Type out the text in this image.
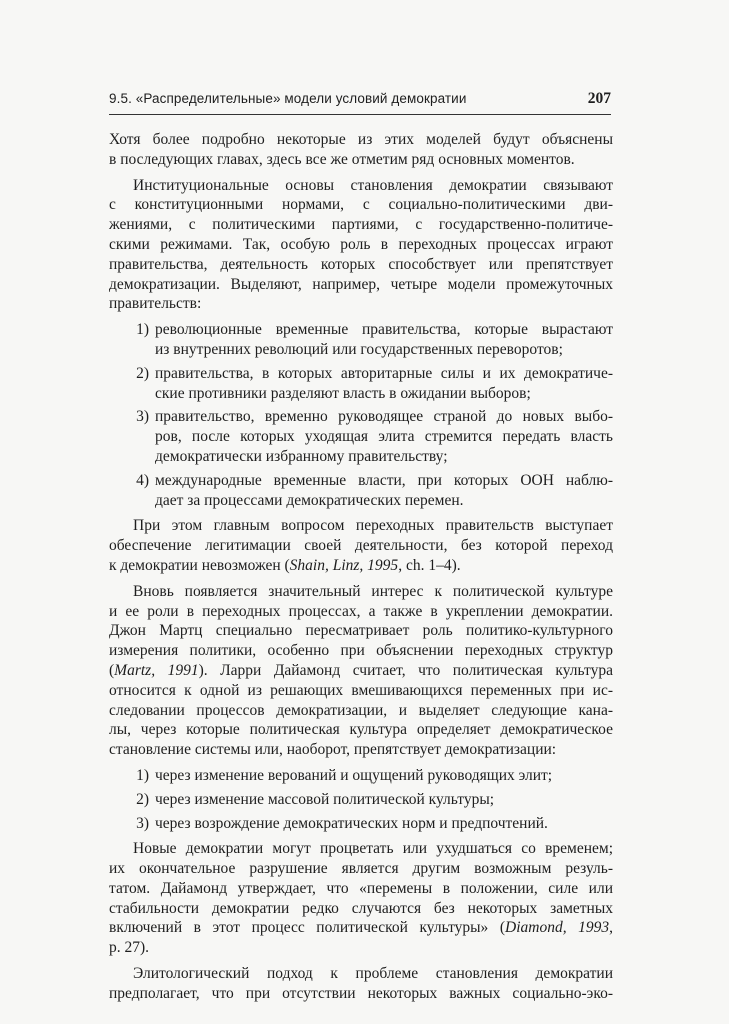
9.5. «Распределительные» модели условий демократии	207
Хотя более подробно некоторые из этих моделей будут объяснены
в последующих главах, здесь все же отметим ряд основных моментов.
Институциональные основы становления демократии связывают
с конституционными нормами, с социально-политическими дви-
жениями, с политическими партиями, с государственно-политиче-
скими режимами. Так, особую роль в переходных процессах играют
правительства, деятельность которых способствует или препятствует
демократизации. Выделяют, например, четыре модели промежуточных
правительств:
1) революционные временные правительства, которые вырастают
из внутренних революций или государственных переворотов;
2) правительства, в которых авторитарные силы и их демократиче-
ские противники разделяют власть в ожидании выборов;
3) правительство, временно руководящее страной до новых выбо-
ров, после которых уходящая элита стремится передать власть
демократически избранному правительству;
4) международные временные власти, при которых ООН наблю-
дает за процессами демократических перемен.
При этом главным вопросом переходных правительств выступает
обеспечение легитимации своей деятельности, без которой переход
к демократии невозможен (Shain, Linz, 1995, ch. 1–4).
Вновь появляется значительный интерес к политической культуре
и ее роли в переходных процессах, а также в укреплении демократии.
Джон Мартц специально пересматривает роль политико-культурного
измерения политики, особенно при объяснении переходных структур
(Martz, 1991). Ларри Дайамонд считает, что политическая культура
относится к одной из решающих вмешивающихся переменных при ис-
следовании процессов демократизации, и выделяет следующие кана-
лы, через которые политическая культура определяет демократическое
становление системы или, наоборот, препятствует демократизации:
1) через изменение верований и ощущений руководящих элит;
2) через изменение массовой политической культуры;
3) через возрождение демократических норм и предпочтений.
Новые демократии могут процветать или ухудшаться со временем;
их окончательное разрушение является другим возможным резуль-
татом. Дайамонд утверждает, что «перемены в положении, силе или
стабильности демократии редко случаются без некоторых заметных
включений в этот процесс политической культуры» (Diamond, 1993,
p. 27).
Элитологический подход к проблеме становления демократии
предполагает, что при отсутствии некоторых важных социально-эко-
